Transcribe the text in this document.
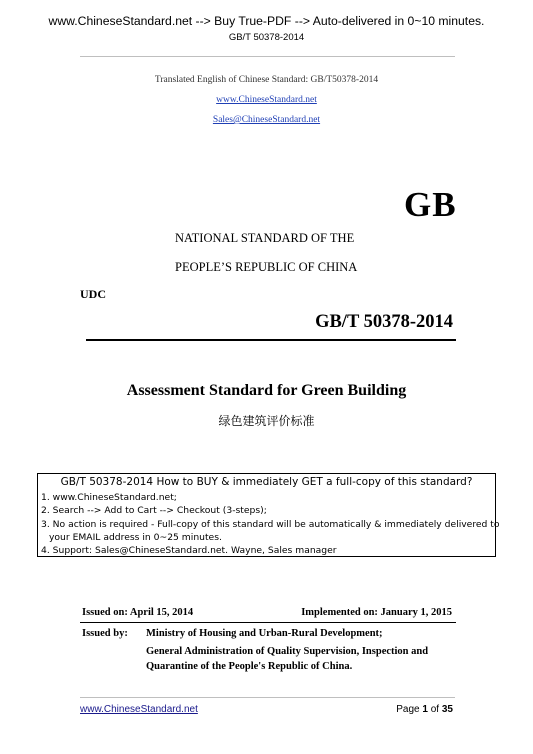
www.ChineseStandard.net --> Buy True-PDF --> Auto-delivered in 0~10 minutes.
GB/T 50378-2014
Translated English of Chinese Standard: GB/T50378-2014
www.ChineseStandard.net
Sales@ChineseStandard.net
GB
NATIONAL STANDARD OF THE
PEOPLE’S REPUBLIC OF CHINA
UDC
GB/T 50378-2014
Assessment Standard for Green Building
绿色建筑评价标准
GB/T 50378-2014 How to BUY & immediately GET a full-copy of this standard?
1. www.ChineseStandard.net;
2. Search --> Add to Cart --> Checkout (3-steps);
3. No action is required - Full-copy of this standard will be automatically & immediately delivered to
your EMAIL address in 0~25 minutes.
4. Support: Sales@ChineseStandard.net. Wayne, Sales manager
Issued on: April 15, 2014	Implemented on: January 1, 2015
Issued by: Ministry of Housing and Urban-Rural Development;
General Administration of Quality Supervision, Inspection and
Quarantine of the People's Republic of China.
www.ChineseStandard.net	Page 1 of 35
